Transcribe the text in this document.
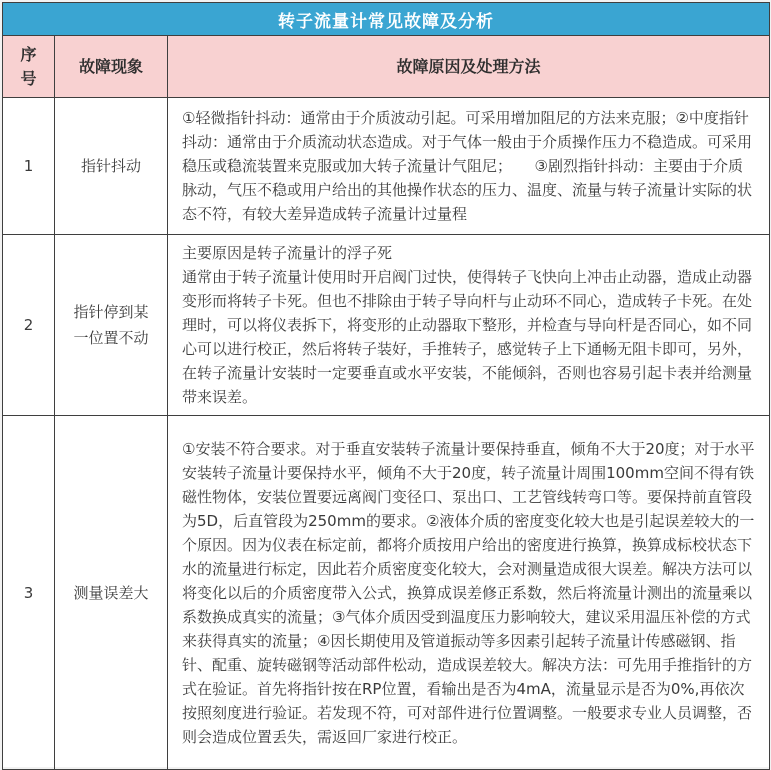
转子流量计常见故障及分析		
序号	故障现象	故障原因及处理方法
1	指针抖动	①轻微指针抖动：通常由于介质波动引起。可采用增加阻尼的方法来克服；②中度指针抖动：通常由于介质流动状态造成。对于气体一般由于介质操作压力不稳造成。可采用稳压或稳流装置来克服或加大转子流量计气阻尼；　　③剧烈指针抖动：主要由于介质脉动，气压不稳或用户给出的其他操作状态的压力、温度、流量与转子流量计实际的状态不符，有较大差异造成转子流量计过量程

2	指针停到某一位置不动	主要原因是转子流量计的浮子死

通常由于转子流量计使用时开启阀门过快，使得转子飞快向上冲击止动器，造成止动器变形而将转子卡死。但也不排除由于转子导向杆与止动环不同心，造成转子卡死。在处理时，可以将仪表拆下，将变形的止动器取下整形，并检查与导向杆是否同心，如不同心可以进行校正，然后将转子装好，手推转子，感觉转子上下通畅无阻卡即可，另外，在转子流量计安装时一定要垂直或水平安装，不能倾斜，否则也容易引起卡表并给测量带来误差。

3	测量误差大	①安装不符合要求。对于垂直安装转子流量计要保持垂直，倾角不大于20度；对于水平安装转子流量计要保持水平，倾角不大于20度，转子流量计周围100mm空间不得有铁磁性物体，安装位置要远离阀门变径口、泵出口、工艺管线转弯口等。要保持前直管段为5D，后直管段为250mm的要求。②液体介质的密度变化较大也是引起误差较大的一个原因。因为仪表在标定前，都将介质按用户给出的密度进行换算，换算成标校状态下水的流量进行标定，因此若介质密度变化较大，会对测量造成很大误差。解决方法可以将变化以后的介质密度带入公式，换算成误差修正系数，然后将流量计测出的流量乘以系数换成真实的流量；③气体介质因受到温度压力影响较大，建议采用温压补偿的方式来获得真实的流量；④因长期使用及管道振动等多因素引起转子流量计传感磁钢、指针、配重、旋转磁钢等活动部件松动，造成误差较大。解决方法：可先用手推指针的方式在验证。首先将指针按在RP位置，看输出是否为4mA，流量显示是否为0%,再依次按照刻度进行验证。若发现不符，可对部件进行位置调整。一般要求专业人员调整，否则会造成位置丢失，需返回厂家进行校正。
